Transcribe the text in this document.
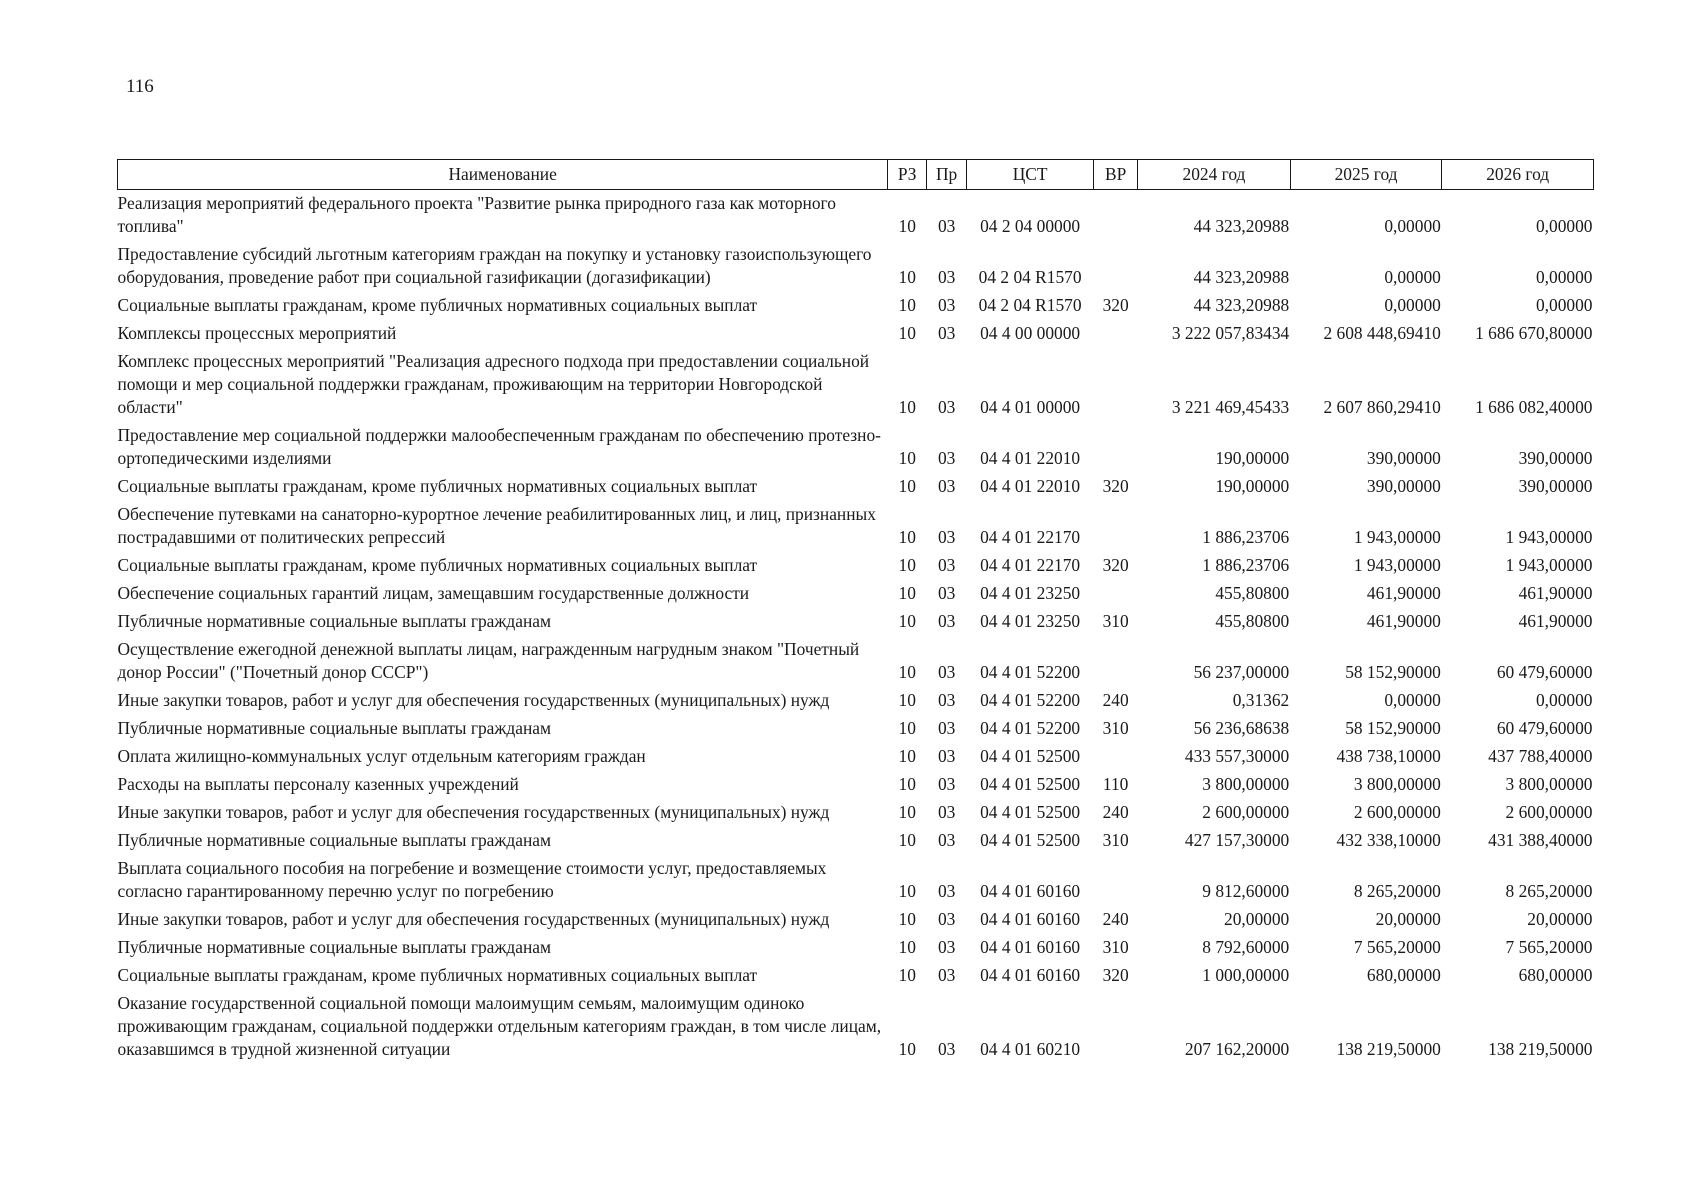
116
Наименование	РЗ	Пр	ЦСТ	ВР	2024 год	2025 год	2026 год
Реализация мероприятий федерального проекта "Развитие рынка природного газа как моторного топлива"	10	03	04 2 04 00000		44 323,20988	0,00000	0,00000
Предоставление субсидий льготным категориям граждан на покупку и установку газоиспользующего оборудования, проведение работ при социальной газификации (догазификации)	10	03	04 2 04 R1570		44 323,20988	0,00000	0,00000
Социальные выплаты гражданам, кроме публичных нормативных социальных выплат	10	03	04 2 04 R1570	320	44 323,20988	0,00000	0,00000
Комплексы процессных мероприятий	10	03	04 4 00 00000		3 222 057,83434	2 608 448,69410	1 686 670,80000
Комплекс процессных мероприятий "Реализация адресного подхода при предоставлении социальной помощи и мер социальной поддержки гражданам, проживающим на территории Новгородской области"	10	03	04 4 01 00000		3 221 469,45433	2 607 860,29410	1 686 082,40000
Предоставление мер социальной поддержки малообеспеченным гражданам по обеспечению протезно-ортопедическими изделиями	10	03	04 4 01 22010		190,00000	390,00000	390,00000
Социальные выплаты гражданам, кроме публичных нормативных социальных выплат	10	03	04 4 01 22010	320	190,00000	390,00000	390,00000
Обеспечение путевками на санаторно-курортное лечение реабилитированных лиц, и лиц, признанных пострадавшими от политических репрессий	10	03	04 4 01 22170		1 886,23706	1 943,00000	1 943,00000
Социальные выплаты гражданам, кроме публичных нормативных социальных выплат	10	03	04 4 01 22170	320	1 886,23706	1 943,00000	1 943,00000
Обеспечение социальных гарантий лицам, замещавшим государственные должности	10	03	04 4 01 23250		455,80800	461,90000	461,90000
Публичные нормативные социальные выплаты гражданам	10	03	04 4 01 23250	310	455,80800	461,90000	461,90000
Осуществление ежегодной денежной выплаты лицам, награжденным нагрудным знаком "Почетный донор России" ("Почетный донор СССР")	10	03	04 4 01 52200		56 237,00000	58 152,90000	60 479,60000
Иные закупки товаров, работ и услуг для обеспечения государственных (муниципальных) нужд	10	03	04 4 01 52200	240	0,31362	0,00000	0,00000
Публичные нормативные социальные выплаты гражданам	10	03	04 4 01 52200	310	56 236,68638	58 152,90000	60 479,60000
Оплата жилищно-коммунальных услуг отдельным категориям граждан	10	03	04 4 01 52500		433 557,30000	438 738,10000	437 788,40000
Расходы на выплаты персоналу казенных учреждений	10	03	04 4 01 52500	110	3 800,00000	3 800,00000	3 800,00000
Иные закупки товаров, работ и услуг для обеспечения государственных (муниципальных) нужд	10	03	04 4 01 52500	240	2 600,00000	2 600,00000	2 600,00000
Публичные нормативные социальные выплаты гражданам	10	03	04 4 01 52500	310	427 157,30000	432 338,10000	431 388,40000
Выплата социального пособия на погребение и возмещение стоимости услуг, предоставляемых согласно гарантированному перечню услуг по погребению	10	03	04 4 01 60160		9 812,60000	8 265,20000	8 265,20000
Иные закупки товаров, работ и услуг для обеспечения государственных (муниципальных) нужд	10	03	04 4 01 60160	240	20,00000	20,00000	20,00000
Публичные нормативные социальные выплаты гражданам	10	03	04 4 01 60160	310	8 792,60000	7 565,20000	7 565,20000
Социальные выплаты гражданам, кроме публичных нормативных социальных выплат	10	03	04 4 01 60160	320	1 000,00000	680,00000	680,00000
Оказание государственной социальной помощи малоимущим семьям, малоимущим одиноко проживающим гражданам, социальной поддержки отдельным категориям граждан, в том числе лицам, оказавшимся в трудной жизненной ситуации	10	03	04 4 01 60210		207 162,20000	138 219,50000	138 219,50000
